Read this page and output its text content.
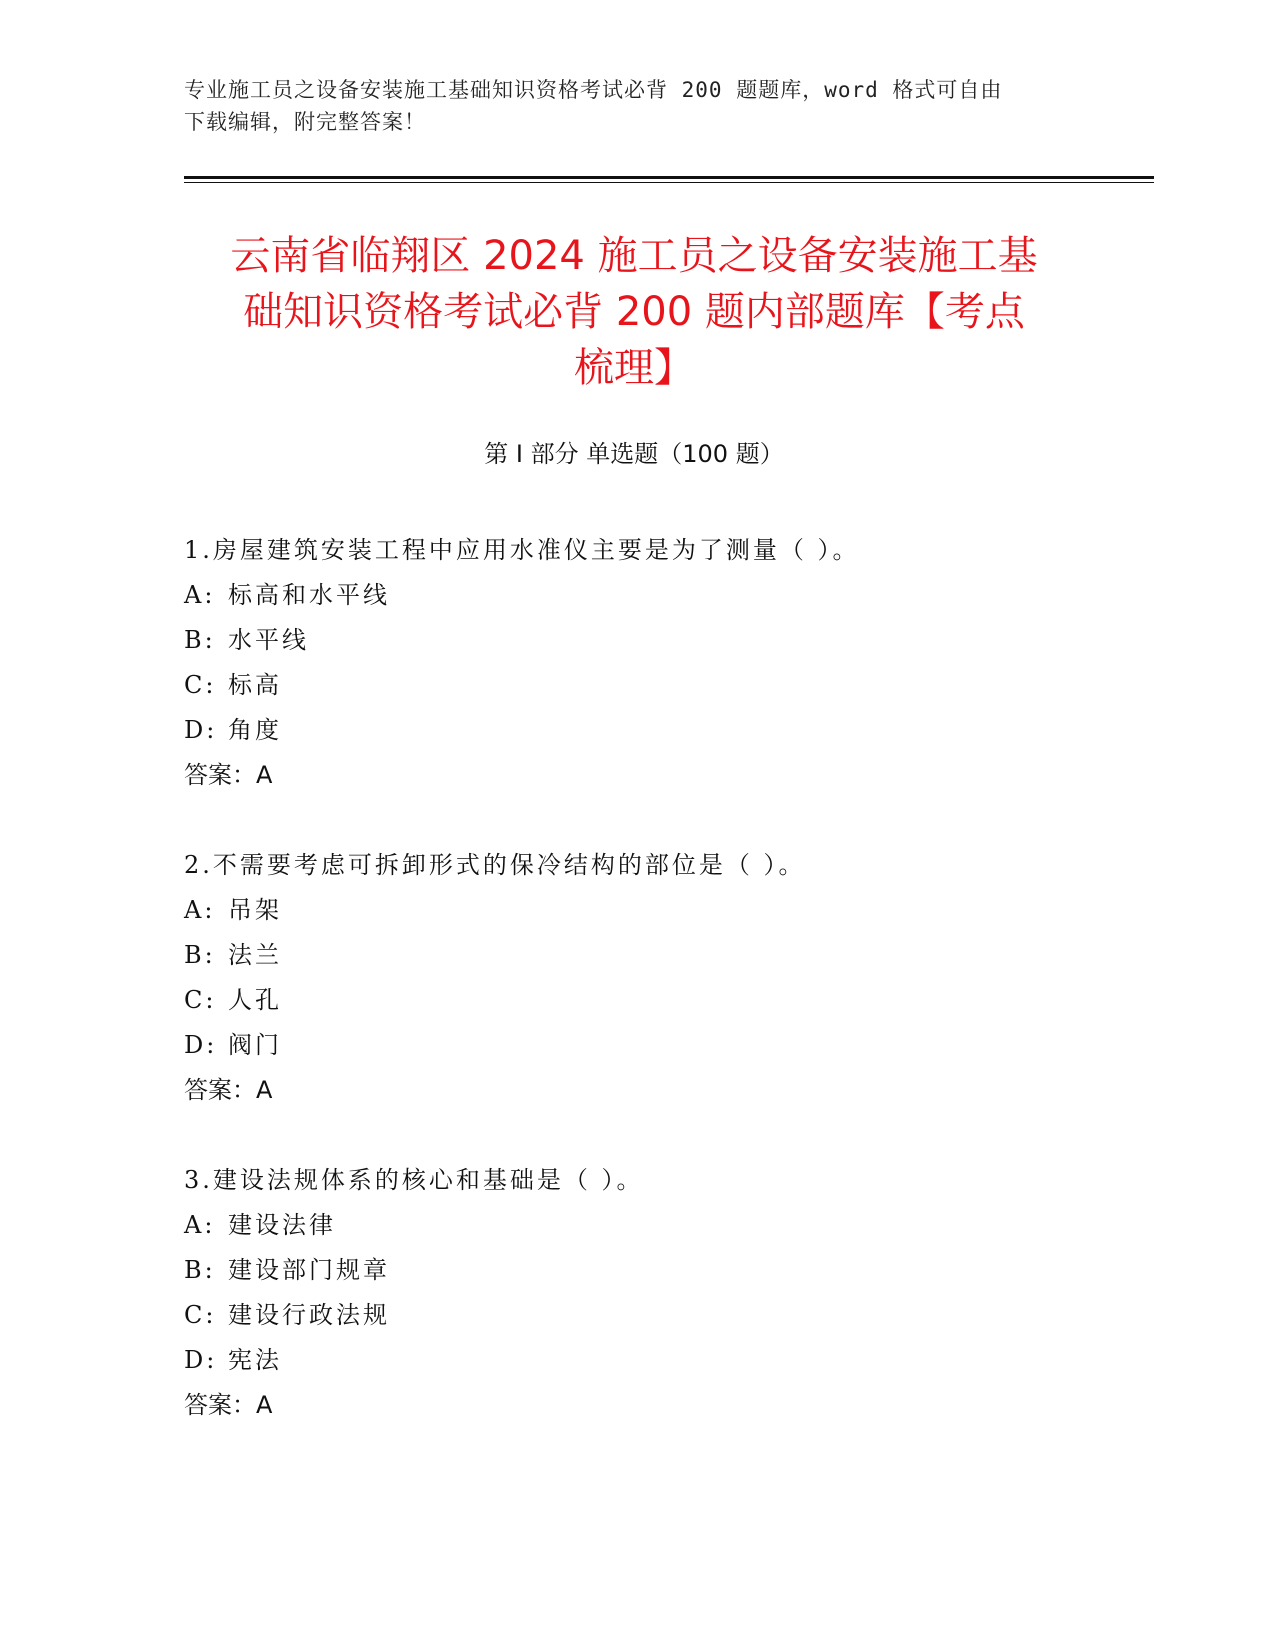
专业施工员之设备安装施工基础知识资格考试必背 200 题题库，word 格式可自由
下载编辑，附完整答案！
云南省临翔区 2024 施工员之设备安装施工基
础知识资格考试必背 200 题内部题库【考点
梳理】
第 I 部分 单选题（100 题）
1.房屋建筑安装工程中应用水准仪主要是为了测量（ ）。
A: 标高和水平线
B: 水平线
C: 标高
D: 角度
答案：A
2.不需要考虑可拆卸形式的保冷结构的部位是（ ）。
A: 吊架
B: 法兰
C: 人孔
D: 阀门
答案：A
3.建设法规体系的核心和基础是（ ）。
A: 建设法律
B: 建设部门规章
C: 建设行政法规
D: 宪法
答案：A
